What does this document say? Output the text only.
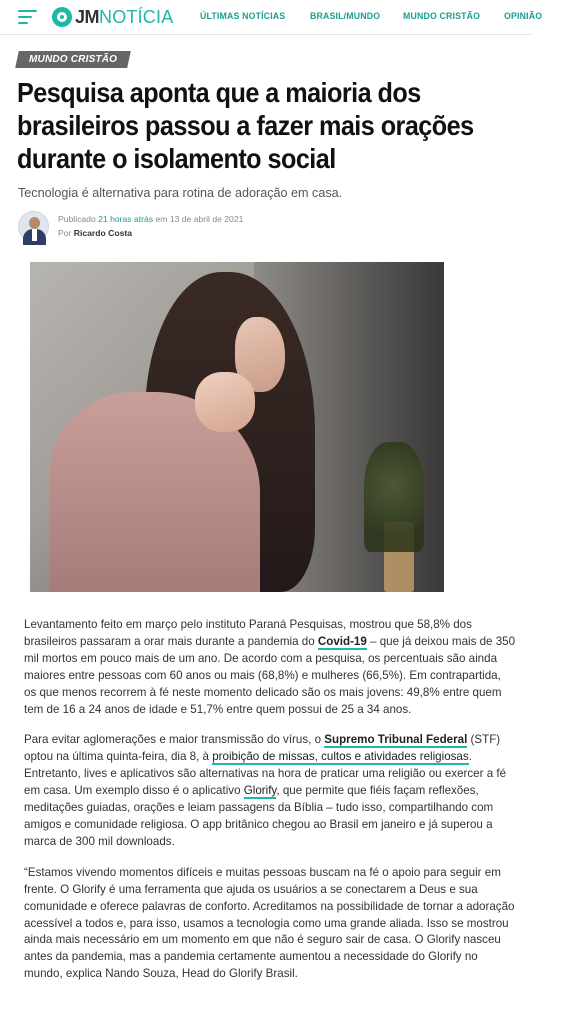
JM NOTÍCIA	ÚLTIMAS NOTÍCIAS	BRASIL/MUNDO MUNDO CRISTÃO OPINIÃO
MUNDO CRISTÃO
Pesquisa aponta que a maioria dos brasileiros passou a fazer mais orações durante o isolamento social

Tecnologia é alternativa para rotina de adoração em casa.

Publicado 21 horas atrás em 13 de abril de 2021
Por Ricardo Costa

Levantamento feito em março pelo instituto Paraná Pesquisas, mostrou que 58,8% dos brasileiros passaram a orar mais durante a pandemia do Covid-19 – que já deixou mais de 350 mil mortos em pouco mais de um ano. De acordo com a pesquisa, os percentuais são ainda maiores entre pessoas com 60 anos ou mais (68,8%) e mulheres (66,5%). Em contrapartida, os que menos recorrem à fé neste momento delicado são os mais jovens: 49,8% entre quem tem de 16 a 24 anos de idade e 51,7% entre quem possui de 25 a 34 anos.

Para evitar aglomerações e maior transmissão do vírus, o Supremo Tribunal Federal (STF) optou na última quinta-feira, dia 8, à proibição de missas, cultos e atividades religiosas. Entretanto, lives e aplicativos são alternativas na hora de praticar uma religião ou exercer a fé em casa. Um exemplo disso é o aplicativo Glorify, que permite que fiéis façam reflexões, meditações guiadas, orações e leiam passagens da Bíblia – tudo isso, compartilhando com amigos e comunidade religiosa. O app britânico chegou ao Brasil em janeiro e já superou a marca de 300 mil downloads.

“Estamos vivendo momentos difíceis e muitas pessoas buscam na fé o apoio para seguir em frente. O Glorify é uma ferramenta que ajuda os usuários a se conectarem a Deus e sua comunidade e oferece palavras de conforto. Acreditamos na possibilidade de tornar a adoração acessível a todos e, para isso, usamos a tecnologia como uma grande aliada. Isso se mostrou ainda mais necessário em um momento em que não é seguro sair de casa. O Glorify nasceu antes da pandemia, mas a pandemia certamente aumentou a necessidade do Glorify no mundo, explica Nando Souza, Head do Glorify Brasil.
